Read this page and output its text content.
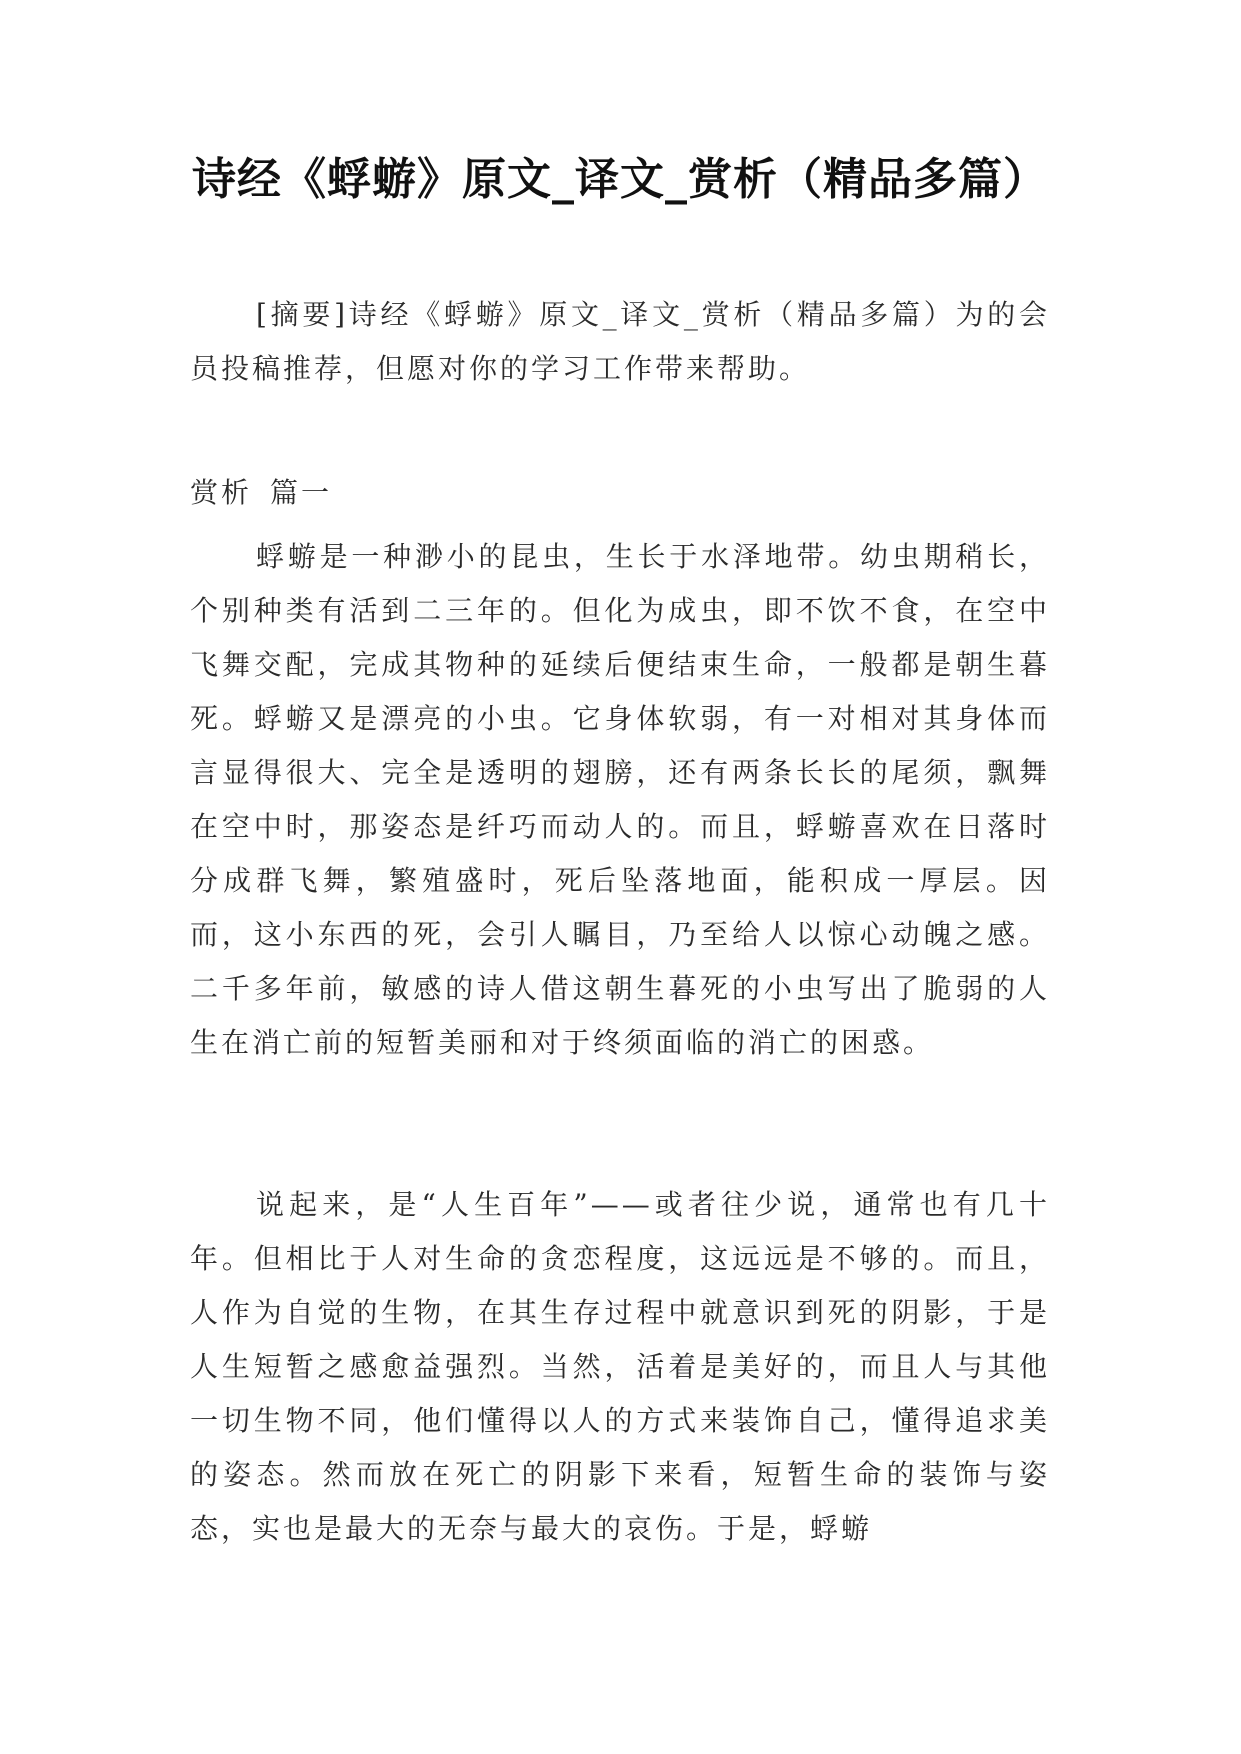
诗经《蜉蝣》原文_译文_赏析（精品多篇）
[摘要]诗经《蜉蝣》原文_译文_赏析（精品多篇）为的会员投稿推荐，但愿对你的学习工作带来帮助。
赏析 篇一

蜉蝣是一种渺小的昆虫，生长于水泽地带。幼虫期稍长，个别种类有活到二三年的。但化为成虫，即不饮不食，在空中飞舞交配，完成其物种的延续后便结束生命，一般都是朝生暮死。蜉蝣又是漂亮的小虫。它身体软弱，有一对相对其身体而言显得很大、完全是透明的翅膀，还有两条长长的尾须，飘舞在空中时，那姿态是纤巧而动人的。而且，蜉蝣喜欢在日落时分成群飞舞，繁殖盛时，死后坠落地面，能积成一厚层。因而，这小东西的死，会引人瞩目，乃至给人以惊心动魄之感。二千多年前，敏感的诗人借这朝生暮死的小虫写出了脆弱的人生在消亡前的短暂美丽和对于终须面临的消亡的困惑。

说起来，是“人生百年”——或者往少说，通常也有几十年。但相比于人对生命的贪恋程度，这远远是不够的。而且，人作为自觉的生物，在其生存过程中就意识到死的阴影，于是人生短暂之感愈益强烈。当然，活着是美好的，而且人与其他一切生物不同，他们懂得以人的方式来装饰自己，懂得追求美的姿态。然而放在死亡的阴影下来看，短暂生命的装饰与姿态，实也是最大的无奈与最大的哀伤。于是，蜉蝣
